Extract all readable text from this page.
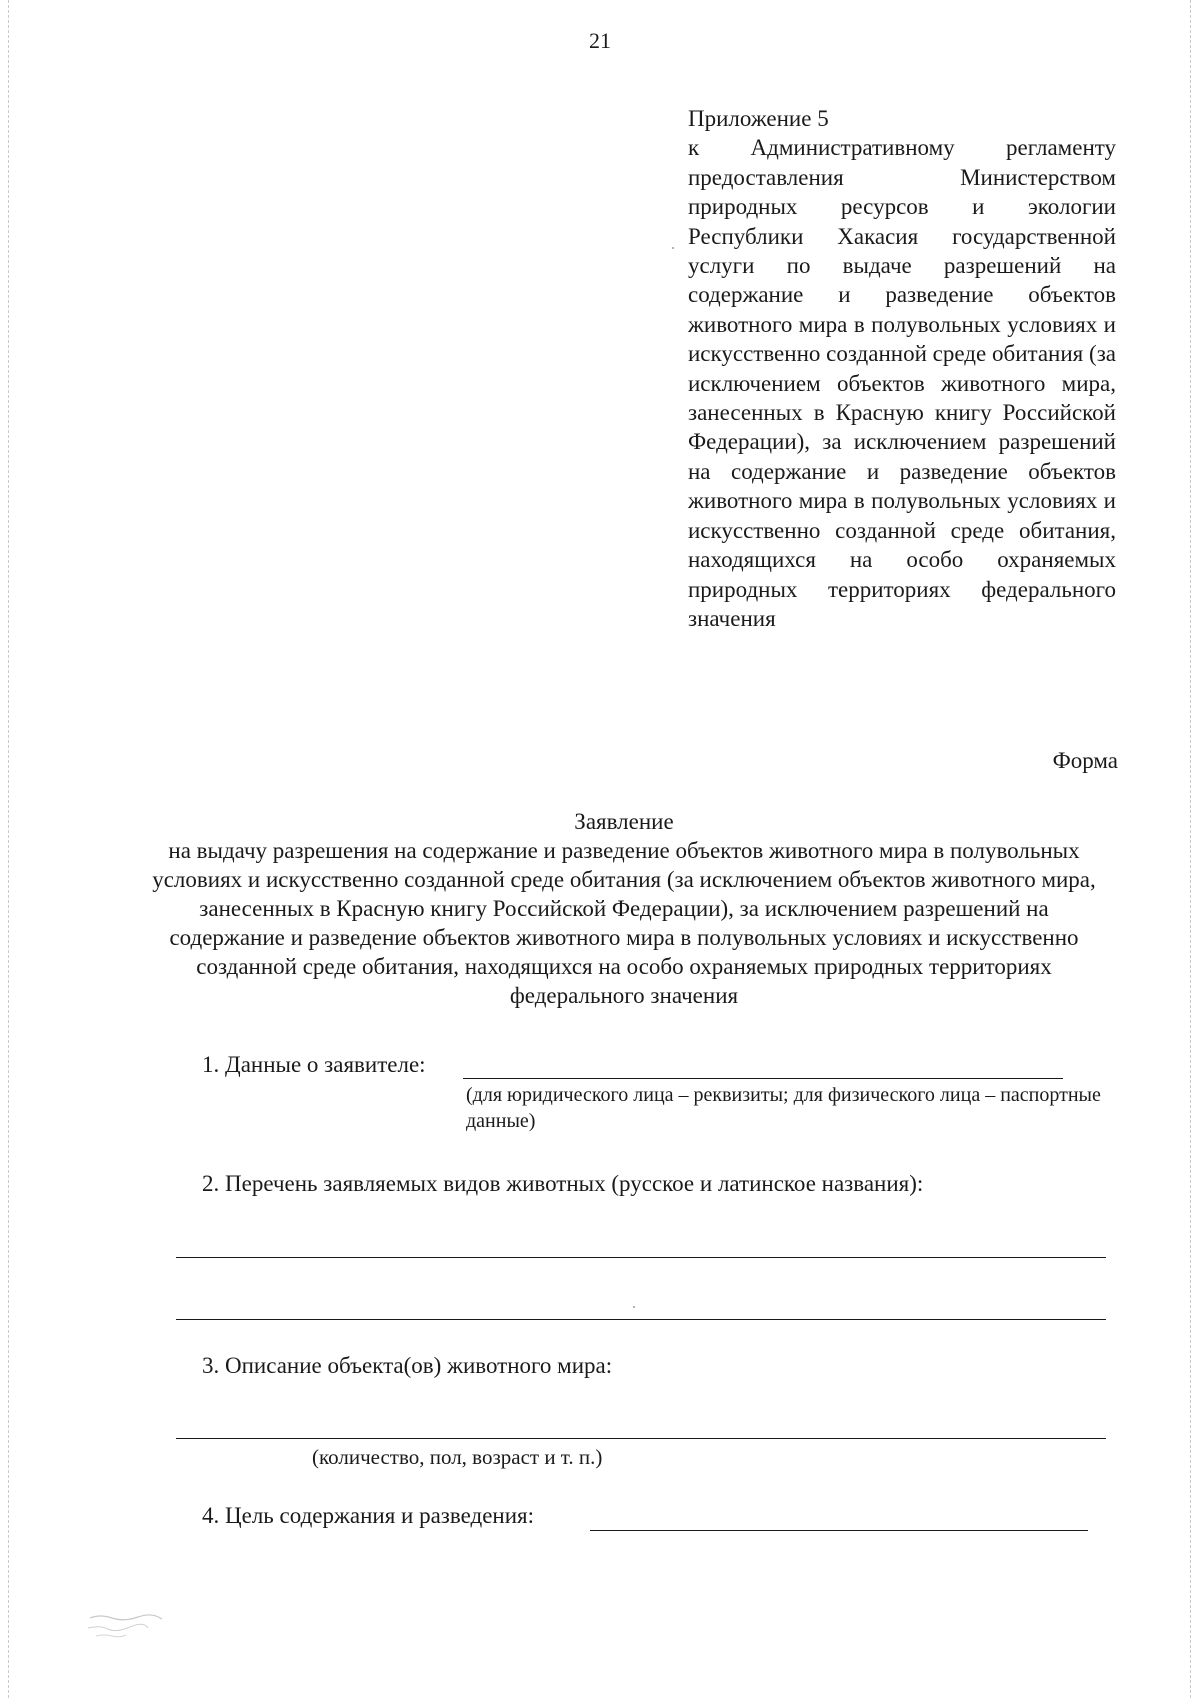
21
Приложение 5
к Административному регламенту предоставления Министерством природных ресурсов и экологии Республики Хакасия государственной услуги по выдаче разрешений на содержание и разведение объектов животного мира в полувольных условиях и искусственно созданной среде обитания (за исключением объектов животного мира, занесенных в Красную книгу Российской Федерации), за исключением разрешений на содержание и разведение объектов животного мира в полувольных условиях и искусственно созданной среде обитания, находящихся на особо охраняемых природных территориях федерального значения
Форма
Заявление
на выдачу разрешения на содержание и разведение объектов животного мира в полувольных условиях и искусственно созданной среде обитания (за исключением объектов животного мира, занесенных в Красную книгу Российской Федерации), за исключением разрешений на содержание и разведение объектов животного мира в полувольных условиях и искусственно созданной среде обитания, находящихся на особо охраняемых природных территориях федерального значения
1. Данные о заявителе:
(для юридического лица – реквизиты; для физического лица – паспортные данные)
2. Перечень заявляемых видов животных (русское и латинское названия):
3. Описание объекта(ов) животного мира:
(количество, пол, возраст и т. п.)
4. Цель содержания и разведения:
